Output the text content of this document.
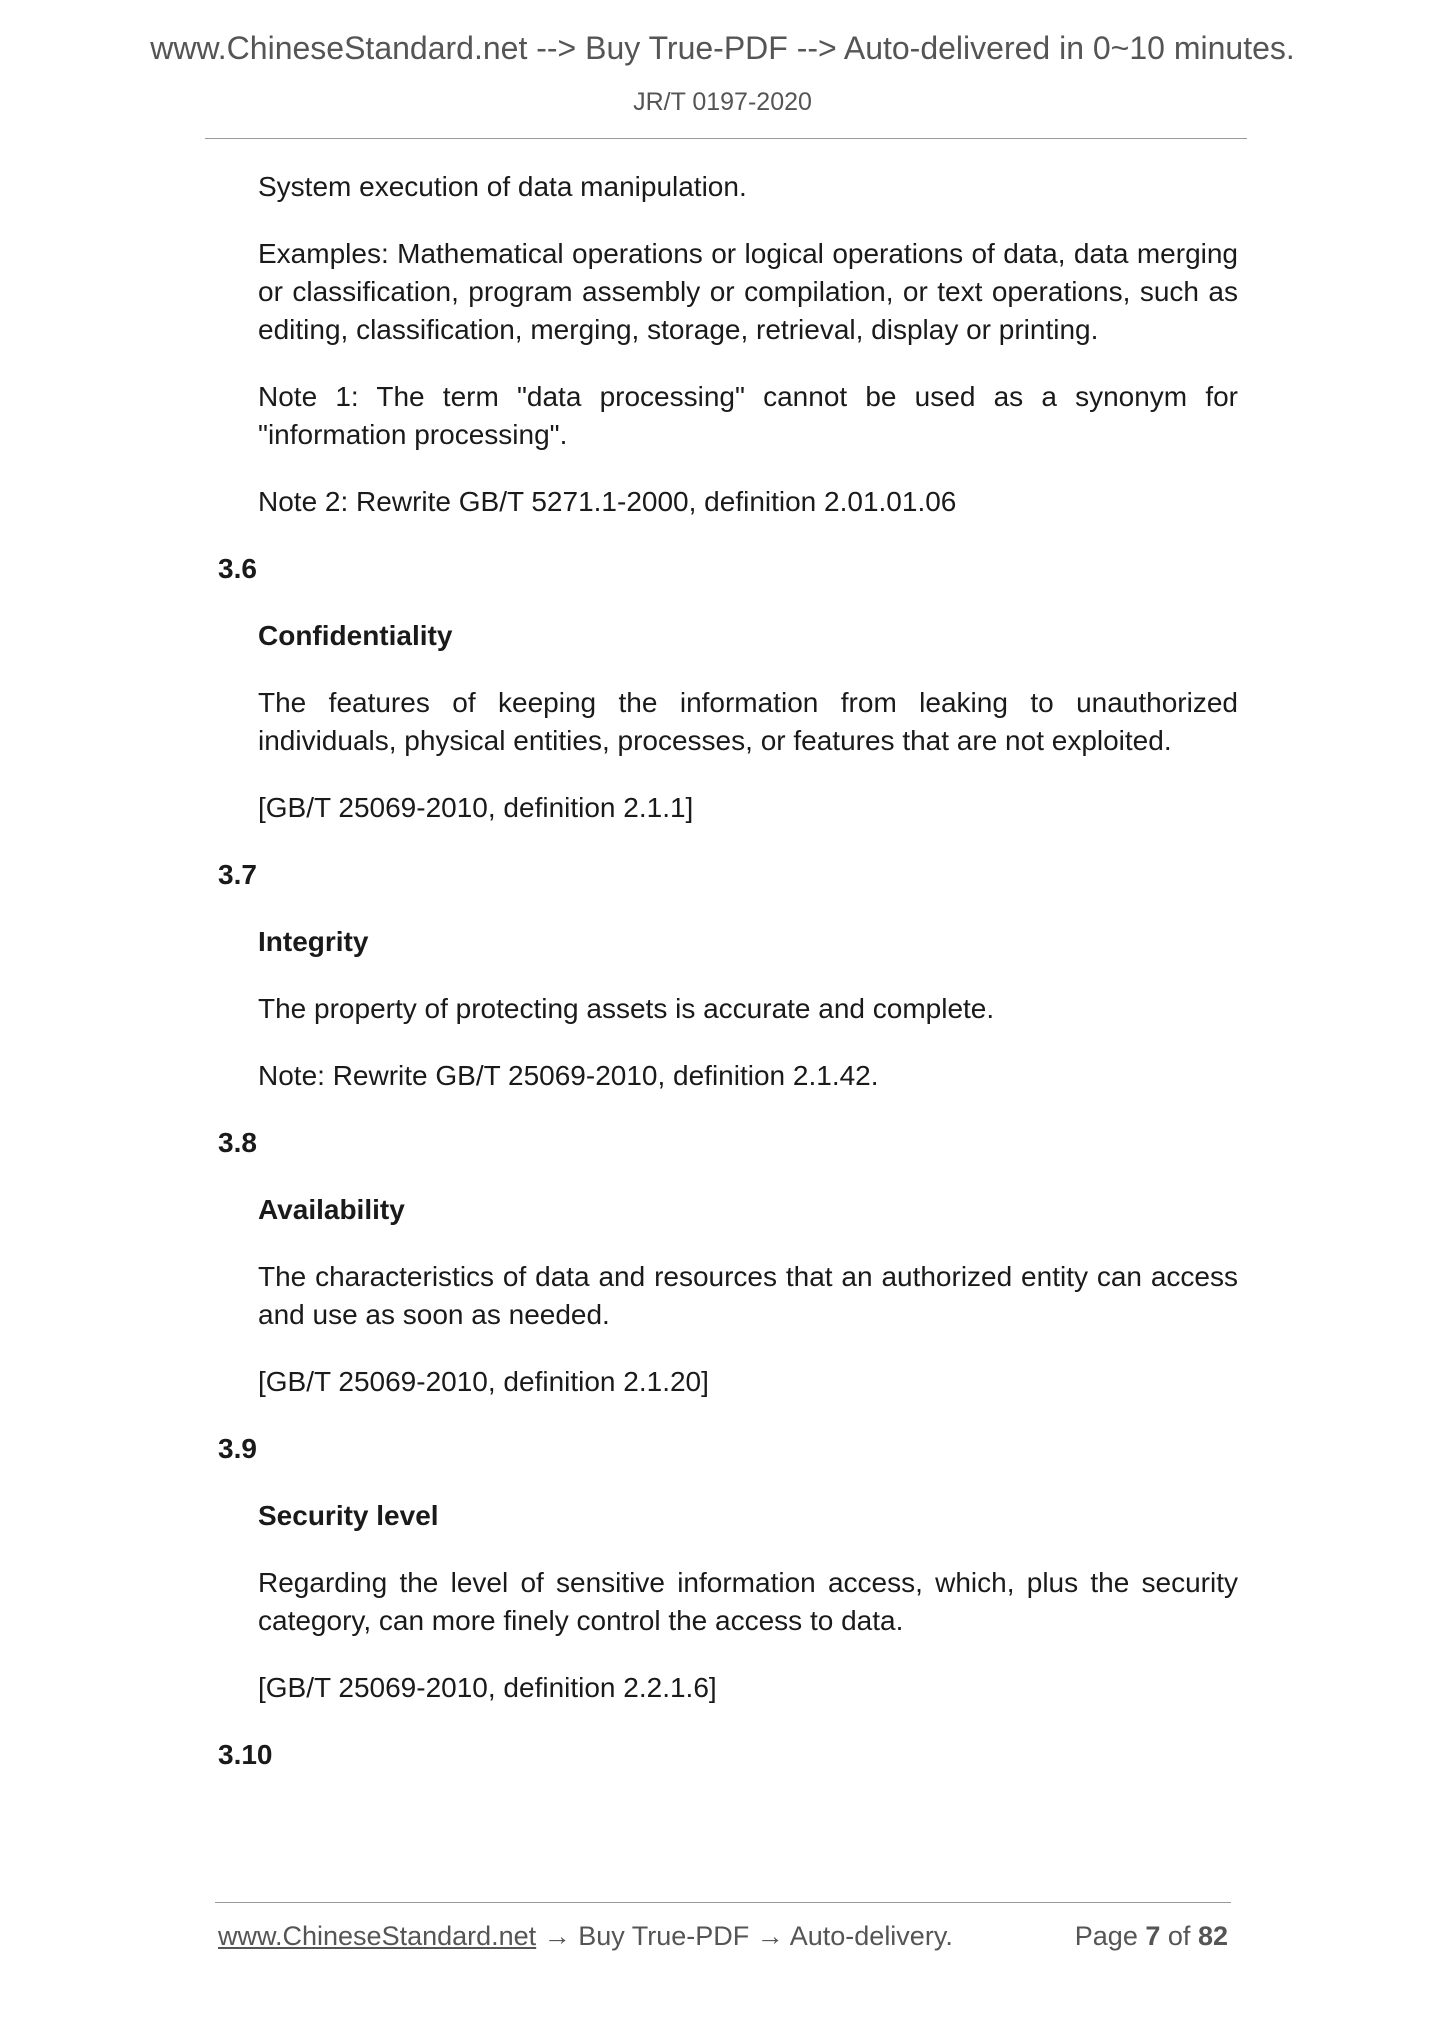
www.ChineseStandard.net --> Buy True-PDF --> Auto-delivered in 0~10 minutes.
JR/T 0197-2020

System execution of data manipulation.

Examples: Mathematical operations or logical operations of data, data merging or classification, program assembly or compilation, or text operations, such as editing, classification, merging, storage, retrieval, display or printing.

Note 1: The term "data processing" cannot be used as a synonym for "information processing".

Note 2: Rewrite GB/T 5271.1-2000, definition 2.01.01.06

3.6
Confidentiality

The features of keeping the information from leaking to unauthorized individuals, physical entities, processes, or features that are not exploited.

[GB/T 25069-2010, definition 2.1.1]

3.7
Integrity

The property of protecting assets is accurate and complete.

Note: Rewrite GB/T 25069-2010, definition 2.1.42.

3.8
Availability

The characteristics of data and resources that an authorized entity can access and use as soon as needed.

[GB/T 25069-2010, definition 2.1.20]

3.9
Security level

Regarding the level of sensitive information access, which, plus the security category, can more finely control the access to data.

[GB/T 25069-2010, definition 2.2.1.6]

3.10
www.ChineseStandard.net → Buy True-PDF → Auto-delivery.	Page 7 of 82
